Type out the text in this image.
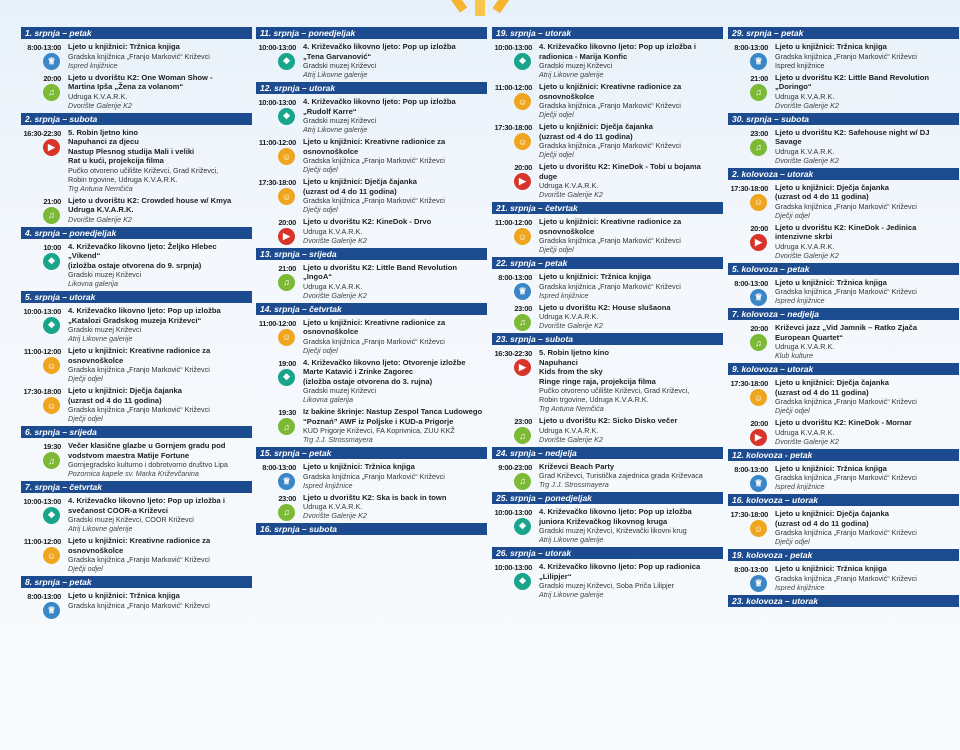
1. srpnja – petak
8:00-13:00
♕
Ljeto u knjižnici: Tržnica knjiga
Gradska knjižnica „Franjo Marković“ Križevci
Ispred knjižnice
20:00
♫
Ljeto u dvorištu K2: One Woman Show -
Martina Ipša „Žena za volanom“
Udruga K.V.A.R.K.
Dvorište Galerije K2
2. srpnja – subota
16:30-22:30
▶
5. Robin ljetno kino
Napuhanci za djecu
Nastup Plesnog studija Mali i veliki
Rat u kući, projekcija filma
Pučko otvoreno učilište Križevci, Grad Križevci,
Robin trgovine, Udruga K.V.A.R.K.
Trg Antuna Nemčića
21:00
♫
Ljeto u dvorištu K2: Crowded house w/ Kmya
Udruga K.V.A.R.K.
Dvorište Galerije K2
4. srpnja – ponedjeljak
10:00
❖
4. Križevačko likovno ljeto: Željko Hlebec
„Vikend“
(izložba ostaje otvorena do 9. srpnja)
Gradski muzej Križevci
Likovna galerija
5. srpnja – utorak
10:00-13:00
❖
4. Križevačko likovno ljeto: Pop up izložba
„Katalozi Gradskog muzeja Križevci“
Gradski muzej Križevci
Atrij Likovne galerije
11:00-12:00
☺
Ljeto u knjižnici: Kreativne radionice za
osnovnoškolce
Gradska knjižnica „Franjo Marković“ Križevci
Dječji odjel
17:30-18:00
☺
Ljeto u knjižnici: Dječja čajanka
(uzrast od 4 do 11 godina)
Gradska knjižnica „Franjo Marković“ Križevci
Dječji odjel
6. srpnja – srijeda
19:30
♫
Večer klasične glazbe u Gornjem gradu pod
vodstvom maestra Matije Fortune
Gornjegradsko kulturno i dobrotvorno društvo Lipa
Pozornica kapele sv. Marka Križevčanina
7. srpnja – četvrtak
10:00-13:00
❖
4. Križevačko likovno ljeto: Pop up izložba i
svečanost COOR-a Križevci
Gradski muzej Križevci, COOR Križevci
Atrij Likovne galerije
11:00-12:00
☺
Ljeto u knjižnici: Kreativne radionice za
osnovnoškolce
Gradska knjižnica „Franjo Marković“ Križevci
Dječji odjel
8. srpnja – petak
8:00-13:00
♕
Ljeto u knjižnici: Tržnica knjiga
Gradska knjižnica „Franjo Marković“ Križevci
11. srpnja – ponedjeljak
10:00-13:00
❖
4. Križevačko likovno ljeto: Pop up izložba
„Tena Garvanović“
Gradski muzej Križevci
Atrij Likovne galerije
12. srpnja – utorak
10:00-13:00
❖
4. Križevačko likovno ljeto: Pop up izložba
„Rudolf Karre“
Gradski muzej Križevci
Atrij Likovne galerije
11:00-12:00
☺
Ljeto u knjižnici: Kreativne radionice za
osnovnoškolce
Gradska knjižnica „Franjo Marković“ Križevci
Dječji odjel
17:30-18:00
☺
Ljeto u knjižnici: Dječja čajanka
(uzrast od 4 do 11 godina)
Gradska knjižnica „Franjo Marković“ Križevci
Dječji odjel
20:00
▶
Ljeto u dvorištu K2: KineDok - Drvo
Udruga K.V.A.R.K.
Dvorište Galerije K2
13. srpnja – srijeda
21:00
♫
Ljeto u dvorištu K2: Little Band Revolution
„IngoA“
Udruga K.V.A.R.K.
Dvorište Galerije K2
14. srpnja – četvrtak
11:00-12:00
☺
Ljeto u knjižnici: Kreativne radionice za
osnovnoškolce
Gradska knjižnica „Franjo Marković“ Križevci
Dječji odjel
19:00
❖
4. Križevačko likovno ljeto: Otvorenje izložbe
Marte Katavić i Zrinke Zagorec
(izložba ostaje otvorena do 3. rujna)
Gradski muzej Križevci
Likovna galerija
19:30
♫
Iz bakine škrinje: Nastup Zespol Tanca Ludowego
“Poznań” AWF iz Poljske i KUD-a Prigorje
KUD Prigorje Križevci, FA Koprivnica, ZUU KKŽ
Trg J.J. Strossmayera
15. srpnja – petak
8:00-13:00
♕
Ljeto u knjižnici: Tržnica knjiga
Gradska knjižnica „Franjo Marković“ Križevci
Ispred knjižnice
23:00
♫
Ljeto u dvorištu K2: Ska is back in town
Udruga K.V.A.R.K.
Dvorište Galerije K2
16. srpnja – subota
19. srpnja – utorak
10:00-13:00
❖
4. Križevačko likovno ljeto: Pop up izložba i
radionica - Marija Konfic
Gradski muzej Križevci
Atrij Likovne galerije
11:00-12:00
☺
Ljeto u knjižnici: Kreativne radionice za
osnovnoškolce
Gradska knjižnica „Franjo Marković“ Križevci
Dječji odjel
17:30-18:00
☺
Ljeto u knjižnici: Dječja čajanka
(uzrast od 4 do 11 godina)
Gradska knjižnica „Franjo Marković“ Križevci
Dječji odjel
20:00
▶
Ljeto u dvorištu K2: KineDok - Tobi u bojama
duge
Udruga K.V.A.R.K.
Dvorište Galerije K2
21. srpnja – četvrtak
11:00-12:00
☺
Ljeto u knjižnici: Kreativne radionice za
osnovnoškolce
Gradska knjižnica „Franjo Marković“ Križevci
Dječji odjel
22. srpnja – petak
8:00-13:00
♕
Ljeto u knjižnici: Tržnica knjiga
Gradska knjižnica „Franjo Marković“ Križevci
Ispred knjižnice
23:00
♫
Ljeto u dvorištu K2: House slušaona
Udruga K.V.A.R.K.
Dvorište Galerije K2
23. srpnja – subota
16:30-22:30
▶
5. Robin ljetno kino
Napuhanci
Kids from the sky
Ringe ringe raja, projekcija filma
Pučko otvoreno učilište Križevci, Grad Križevci,
Robin trgovine, Udruga K.V.A.R.K.
Trg Antuna Nemčića
23:00
♫
Ljeto u dvorištu K2: Sicko Disko večer
Udruga K.V.A.R.K.
Dvorište Galerije K2
24. srpnja – nedjelja
9:00-23:00
♫
Križevci Beach Party
Grad Križevci, Turistička zajednica grada Križevaca
Trg J.J. Strossmayera
25. srpnja – ponedjeljak
10:00-13:00
❖
4. Križevačko likovno ljeto: Pop up izložba
juniora Križevačkog likovnog kruga
Gradski muzej Križevci, Križevački likovni krug
Atrij Likovne galerije
26. srpnja – utorak
10:00-13:00
❖
4. Križevačko likovno ljeto: Pop up radionica
„Lilipjer“
Gradski muzej Križevci, Soba Priča Lilipjer
Atrij Likovne galerije
29. srpnja – petak
8:00-13:00
♕
Ljeto u knjižnici: Tržnica knjiga
Gradska knjižnica „Franjo Marković“ Križevci
Ispred knjižnice
21:00
♫
Ljeto u dvorištu K2: Little Band Revolution
„Doringo“
Udruga K.V.A.R.K.
Dvorište Galerije K2
30. srpnja – subota
23:00
♫
Ljeto u dvorištu K2: Safehouse night w/ DJ
Savage
Udruga K.V.A.R.K.
Dvorište Galerije K2
2. kolovoza – utorak
17:30-18:00
☺
Ljeto u knjižnici: Dječja čajanka
(uzrast od 4 do 11 godina)
Gradska knjižnica „Franjo Marković“ Križevci
Dječji odjel
20:00
▶
Ljeto u dvorištu K2: KineDok - Jedinica
intenzivne skrbi
Udruga K.V.A.R.K.
Dvorište Galerije K2
5. kolovoza – petak
8:00-13:00
♕
Ljeto u knjižnici: Tržnica knjiga
Gradska knjižnica „Franjo Marković“ Križevci
Ispred knjižnice
7. kolovoza – nedjelja
20:00
♫
Križevci jazz „Vid Jamnik – Ratko Zjača
European Quartet“
Udruga K.V.A.R.K.
Klub kulture
9. kolovoza – utorak
17:30-18:00
☺
Ljeto u knjižnici: Dječja čajanka
(uzrast od 4 do 11 godina)
Gradska knjižnica „Franjo Marković“ Križevci
Dječji odjel
20:00
▶
Ljeto u dvorištu K2: KineDok - Mornar
Udruga K.V.A.R.K.
Dvorište Galerije K2
12. kolovoza - petak
8:00-13:00
♕
Ljeto u knjižnici: Tržnica knjiga
Gradska knjižnica „Franjo Marković“ Križevci
Ispred knjižnice
16. kolovoza – utorak
17:30-18:00
☺
Ljeto u knjižnici: Dječja čajanka
(uzrast od 4 do 11 godina)
Gradska knjižnica „Franjo Marković“ Križevci
Dječji odjel
19. kolovoza - petak
8:00-13:00
♕
Ljeto u knjižnici: Tržnica knjiga
Gradska knjižnica „Franjo Marković“ Križevci
Ispred knjižnice
23. kolovoza – utorak
